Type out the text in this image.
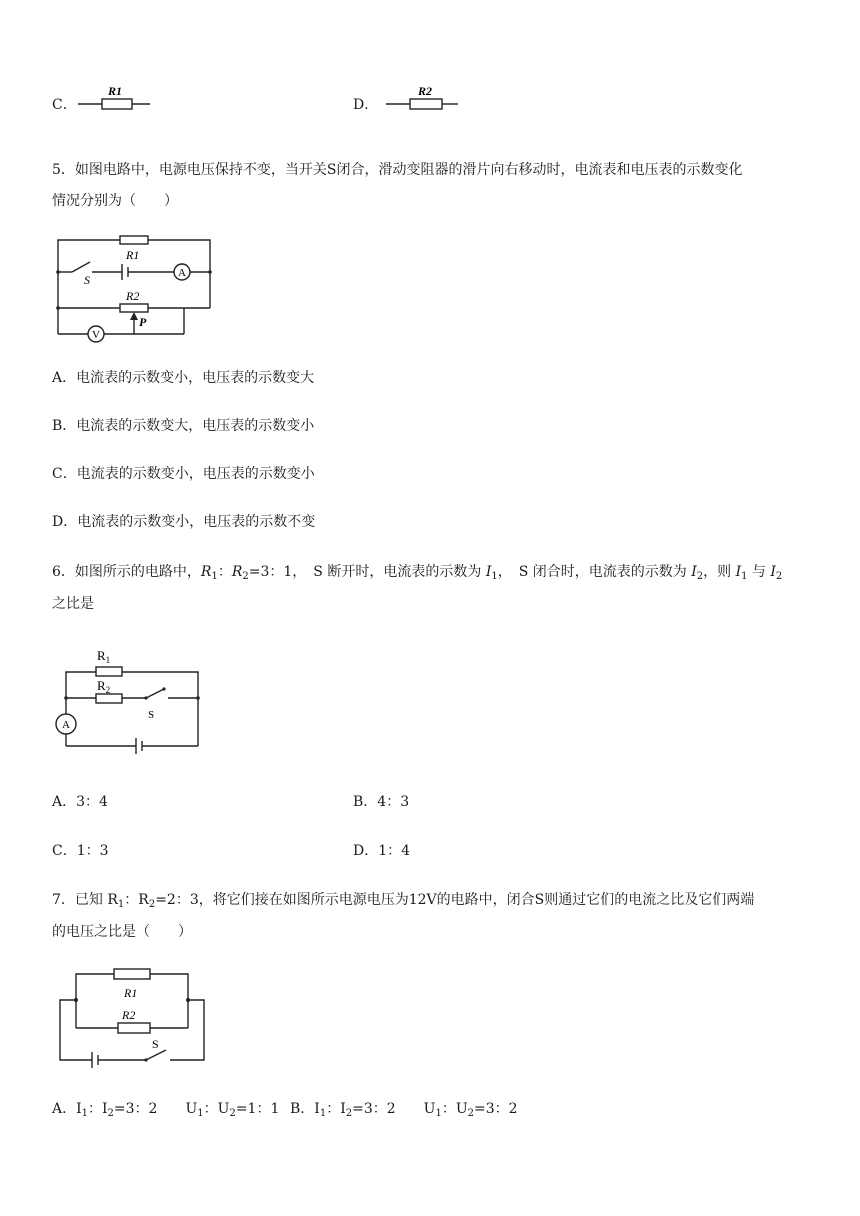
C．
R1
D．
R2
5．如图电路中，电源电压保持不变，当开关S闭合，滑动变阻器的滑片向右移动时，电流表和电压表的示数变化
情况分别为（　　）
R1
S	A
R2
P
V
A．电流表的示数变小，电压表的示数变大
B．电流表的示数变大，电压表的示数变小
C．电流表的示数变小，电压表的示数变小
D．电流表的示数变小，电压表的示数不变
6．如图所示的电路中，$R_1$：$R_2=3$：1，　S 断开时，电流表的示数为 $I_1$，　S 闭合时，电流表的示数为 $I_2$，则 $I_1$ 与 $I_2$
之比是
$R_1$
$R_2$
S
A
A．3：4	B．4：3
C．1：3	D．1：4
7．已知 $R_1$：$R_2=2$：3，将它们接在如图所示电源电压为12V的电路中，闭合S则通过它们的电流之比及它们两端
的电压之比是（　　）
R1
R2
S
A．$I_1$：$I_2=3$：2　　$U_1$：$U_2=1$：1 B．$I_1$：$I_2=3$：2　　$U_1$：$U_2=3$：2
